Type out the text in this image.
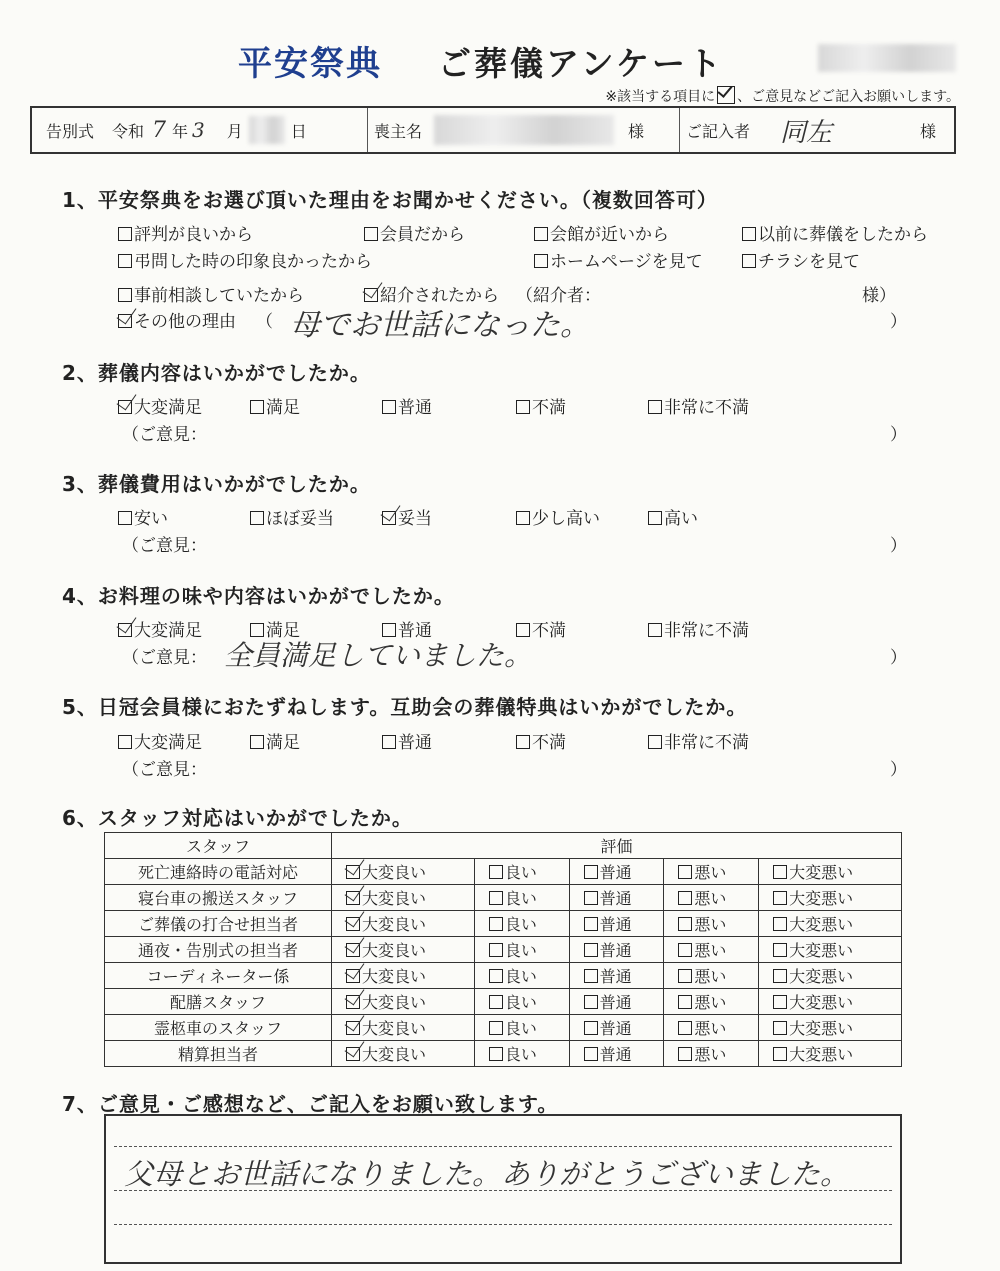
平安祭典 ご葬儀アンケート
※該当する項目に 、ご意見などご記入お願いします。
告別式 令和 7 年 3 月	日	喪主名	様	ご記入者 同左	様
1、平安祭典をお選び頂いた理由をお聞かせください。（複数回答可）
評判が良いから	会員だから	会館が近いから	以前に葬儀をしたから
弔問した時の印象良かったから	ホームページを見て	チラシを見て
事前相談していたから	紹介されたから （紹介者：	様）
その他の理由 （ 母でお世話になった。	）
2、葬儀内容はいかがでしたか。
大変満足	満足	普通	不満	非常に不満
（ご意見：	）
3、葬儀費用はいかがでしたか。
安い	ほぼ妥当	妥当	少し高い	高い
（ご意見：	）
4、お料理の味や内容はいかがでしたか。
大変満足	満足	普通	不満	非常に不満
（ご意見： 全員満足していました。	）
5、日冠会員様におたずねします。互助会の葬儀特典はいかがでしたか。
大変満足	満足	普通	不満	非常に不満
（ご意見：	）
6、スタッフ対応はいかがでしたか。
スタッフ	評価				
死亡連絡時の電話対応	大変良い	良い	普通	悪い	大変悪い
寝台車の搬送スタッフ	大変良い	良い	普通	悪い	大変悪い
ご葬儀の打合せ担当者	大変良い	良い	普通	悪い	大変悪い
通夜・告別式の担当者	大変良い	良い	普通	悪い	大変悪い
コーディネーター係	大変良い	良い	普通	悪い	大変悪い
配膳スタッフ	大変良い	良い	普通	悪い	大変悪い
霊柩車のスタッフ	大変良い	良い	普通	悪い	大変悪い
精算担当者	大変良い	良い	普通	悪い	大変悪い
7、ご意見・ご感想など、ご記入をお願い致します。
父母とお世話になりました。ありがとうございました。
